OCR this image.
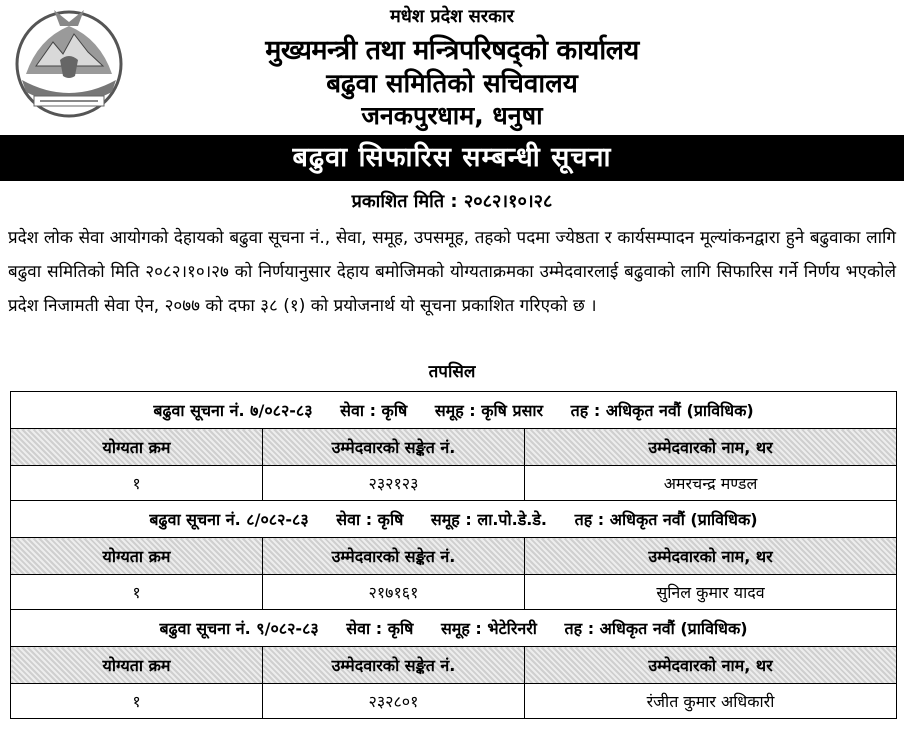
मधेश प्रदेश सरकार
मुख्यमन्त्री तथा मन्त्रिपरिषद्को कार्यालय
बढुवा समितिको सचिवालय
जनकपुरधाम, धनुषा
बढुवा सिफारिस सम्बन्धी सूचना
प्रकाशित मिति : २०८२।१०।२८
प्रदेश लोक सेवा आयोगको देहायको बढुवा सूचना नं., सेवा, समूह, उपसमूह, तहको पदमा ज्येष्ठता र कार्यसम्पादन मूल्यांकनद्वारा हुने बढुवाका लागि बढुवा समितिको मिति २०८२।१०।२७ को निर्णयानुसार देहाय बमोजिमको योग्यताक्रमका उम्मेदवारलाई बढुवाको लागि सिफारिस गर्ने निर्णय भएकोले प्रदेश निजामती सेवा ऐन, २०७७ को दफा ३८ (१) को प्रयोजनार्थ यो सूचना प्रकाशित गरिएको छ ।
तपसिल
बढुवा सूचना नं. ७/०८२-८३ सेवा : कृषि समूह : कृषि प्रसार तह : अधिकृत नवौं (प्राविधिक)		
योग्यता क्रम	उम्मेदवारको सङ्केत नं.	उम्मेदवारको नाम, थर
१	२३२१२३	अमरचन्द्र मण्डल
बढुवा सूचना नं. ८/०८२-८३ सेवा : कृषि समूह : ला.पो.डे.डे. तह : अधिकृत नवौं (प्राविधिक)		
योग्यता क्रम	उम्मेदवारको सङ्केत नं.	उम्मेदवारको नाम, थर
१	२१७१६१	सुनिल कुमार यादव
बढुवा सूचना नं. ९/०८२-८३ सेवा : कृषि समूह : भेटेरिनरी तह : अधिकृत नवौं (प्राविधिक)		
योग्यता क्रम	उम्मेदवारको सङ्केत नं.	उम्मेदवारको नाम, थर
१	२३२८०१	रंजीत कुमार अधिकारी
